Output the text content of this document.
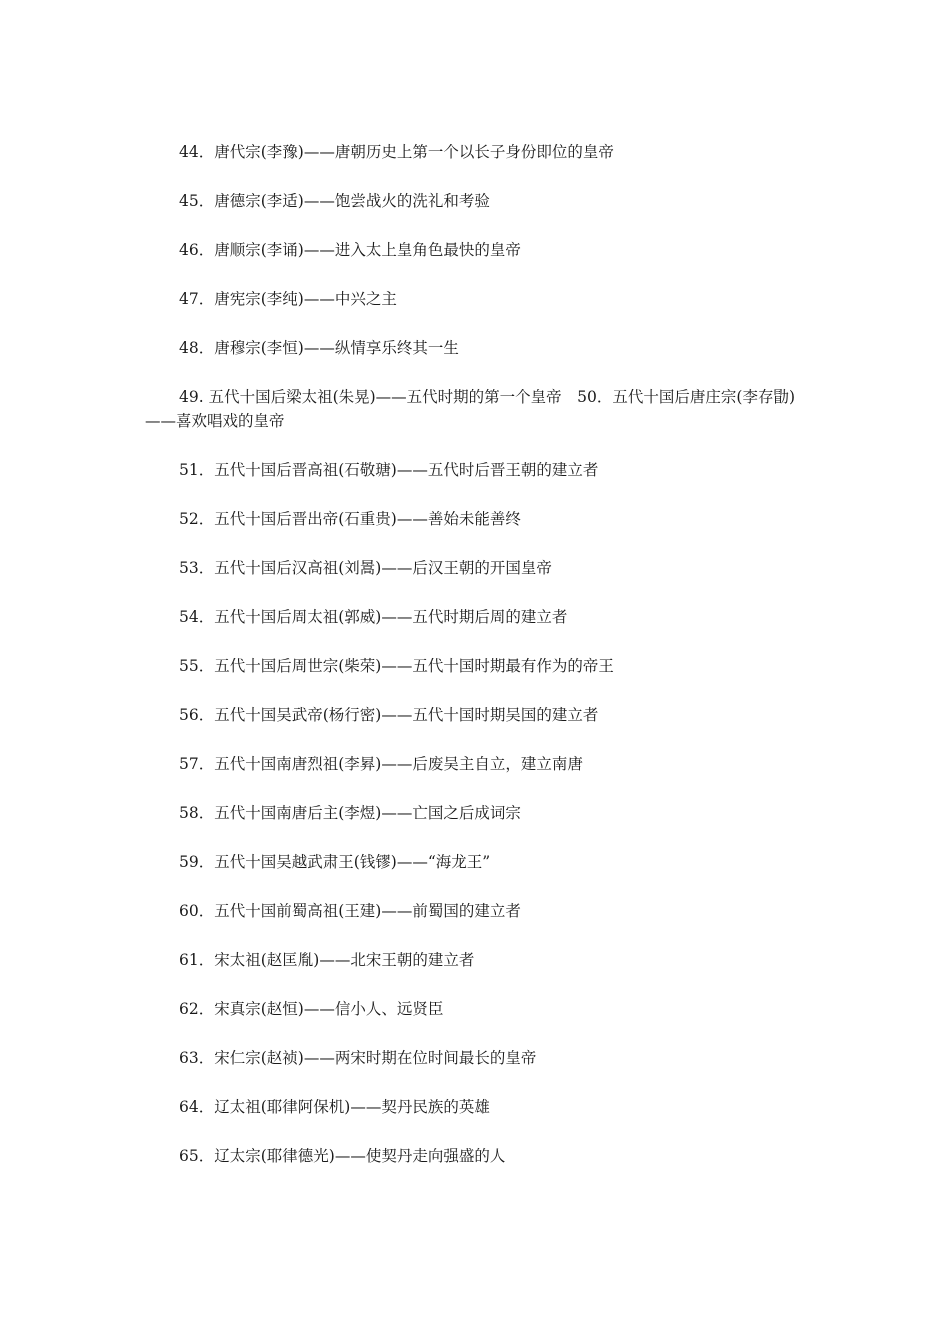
44．唐代宗(李豫)——唐朝历史上第一个以长子身份即位的皇帝

45．唐德宗(李适)——饱尝战火的洗礼和考验

46．唐顺宗(李诵)——进入太上皇角色最快的皇帝

47．唐宪宗(李纯)——中兴之主

48．唐穆宗(李恒)——纵情享乐终其一生

49. 五代十国后梁太祖(朱晃)——五代时期的第一个皇帝　50．五代十国后唐庄宗(李存勖)——喜欢唱戏的皇帝

51．五代十国后晋高祖(石敬瑭)——五代时后晋王朝的建立者

52．五代十国后晋出帝(石重贵)——善始未能善终

53．五代十国后汉高祖(刘暠)——后汉王朝的开国皇帝

54．五代十国后周太祖(郭威)——五代时期后周的建立者

55．五代十国后周世宗(柴荣)——五代十国时期最有作为的帝王

56．五代十国吴武帝(杨行密)——五代十国时期吴国的建立者

57．五代十国南唐烈祖(李昪)——后废吴主自立，建立南唐

58．五代十国南唐后主(李煜)——亡国之后成词宗

59．五代十国吴越武肃王(钱镠)——“海龙王”

60．五代十国前蜀高祖(王建)——前蜀国的建立者

61．宋太祖(赵匡胤)——北宋王朝的建立者

62．宋真宗(赵恒)——信小人、远贤臣

63．宋仁宗(赵祯)——两宋时期在位时间最长的皇帝

64．辽太祖(耶律阿保机)——契丹民族的英雄

65．辽太宗(耶律德光)——使契丹走向强盛的人
